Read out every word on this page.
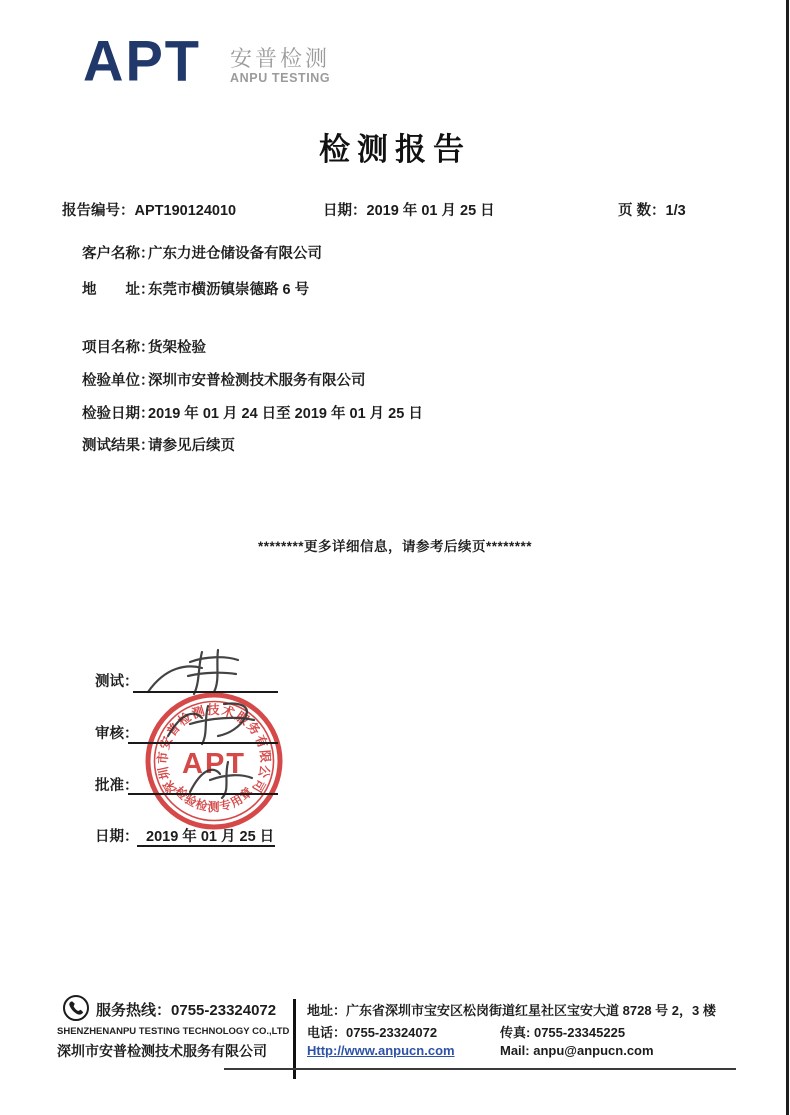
APT 安普检测
ANPU TESTING
检测报告
报告编号：APT190124010	日期：2019 年 01 月 25 日	页 数：1/3
客户名称：广东力进仓储设备有限公司
地　　址：东莞市横沥镇崇德路 6 号
项目名称：货架检验
检验单位：深圳市安普检测技术服务有限公司
检验日期：2019 年 01 月 24 日至 2019 年 01 月 25 日
测试结果：请参见后续页
********更多详细信息，请参考后续页********
深圳市安普检测技术服务有限公司
APT
检验检测专用章
测试：
审核：
批准：
日期： 2019 年 01 月 25 日
服务热线：0755-23324072
SHENZHENANPU TESTING TECHNOLOGY CO.,LTD
深圳市安普检测技术服务有限公司
地址：广东省深圳市宝安区松岗街道红星社区宝安大道 8728 号 2，3 楼
电话：0755-23324072	传真: 0755-23345225
Http://www.anpucn.com	Mail: anpu@anpucn.com
